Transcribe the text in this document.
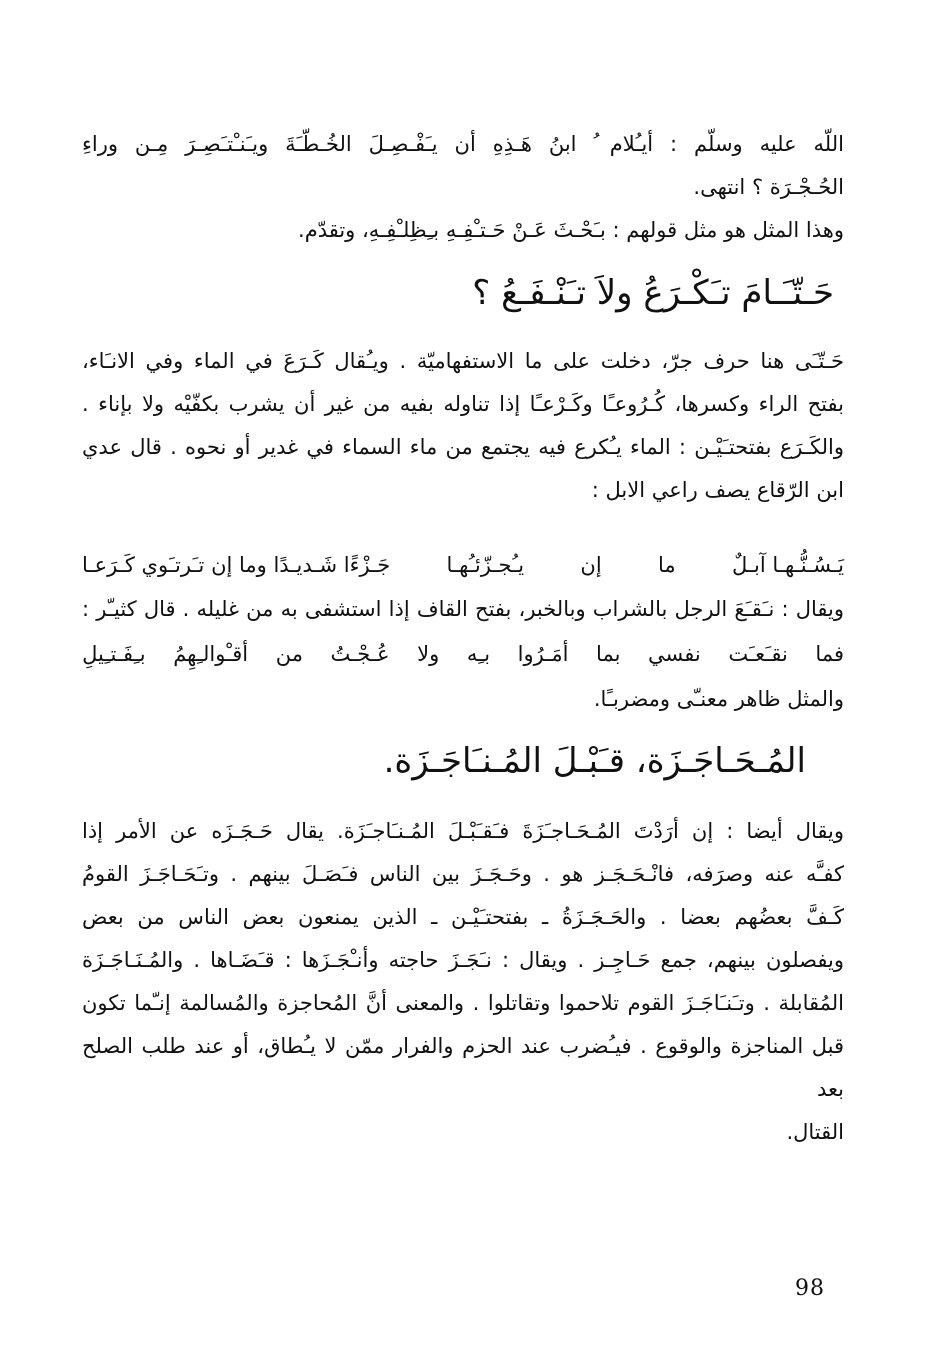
اللّه عليه وسلّم : أيـُلام ُ ابنُ هَـذِهِ أن يـَفْـصِـلَ الخُـطّـَةَ ويـَنـْتـَصِـرَ مِـن وراءِ

الحُـجْـرَة ؟ انتهى.

وهذا المثل هو مثل قولهم : بـَحْـثَ عَـنْ حَـتـْفِـهِ بـِظِلـْفِـهِ، وتقدّم.

حَـتّـَـامَ تـَكْـرَعُ ولاَ تـَنْـفَـعُ ؟

حَـتّـَى هنا حرف جرّ، دخلت على ما الاستفهاميّة . ويـُقال كَـرَعَ في الماء وفي الانـَاء،

بفتح الراء وكسرها، كُـرُوعـًا وكَـرْعـًا إذا تناوله بفيه من غير أن يشرب بكفّيْه ولا بإناء .

والكَـرَع بفتحتـَيْـن : الماء يـُكرع فيه يجتمع من ماء السماء في غدير أو نحوه . قال عدي

ابن الرّقاع يصف راعي الابل :

يَـسُـنُّـهـا آبـلٌ
ما
إن
يـُجـزّئـُهـا
جَـزْءًا شَـديـدًا وما إن تـَرتـَوي كَـرَعـا

ويقال : نـَقـَعَ الرجل بالشراب وبالخبر، بفتح القاف إذا استشفى به من غليله . قال كثيـّر :

فما
نقـَعـَت
نفسي
بما
أمَـرُوا
بـِه
ولا
عُـجْـتُ
من
أقـْوالـِهِمُ
بـِفَـتـِيلِ

والمثل ظاهر معنـّى ومضربـًا.

المُـحَـاجَـزَة، قـَبْـلَ المُـنـَاجَـزَة.

ويقال أيضا : إن أرَدْتَ المُـحَـاجـَزَةَ فـَقـَبْـلَ المُـنـَاجـَزَة. يقال حَـجَـزَه عن الأمر إذا

كفـَّه عنه وصرَفه، فانْـحَـجَـز هو . وحَـجَـزَ بين الناس فـَصَـلَ بينهم . وتـَحَـاجَـزَ القومُ

كَـفَّ بعضُهم بعضا . والحَـجَـزَةُ ـ بفتحتـَيْـن ـ الذين يمنعون بعض الناس من بعض

ويفصلون بينهم، جمع حَـاجِـز . ويقال : نـَجَـزَ حاجته وأنـْجَـزَها : قـَضَـاها . والمُـنَـاجَـزَة

المُقابلة . وتـَنـَاجَـزَ القوم تلاحموا وتقاتلوا . والمعنى أنَّ المُحاجزة والمُسالمة إنـّما تكون

قبل المناجزة والوقوع . فيـُضرب عند الحزم والفرار ممّن لا يـُطاق، أو عند طلب الصلح بعد

القتال.

98
